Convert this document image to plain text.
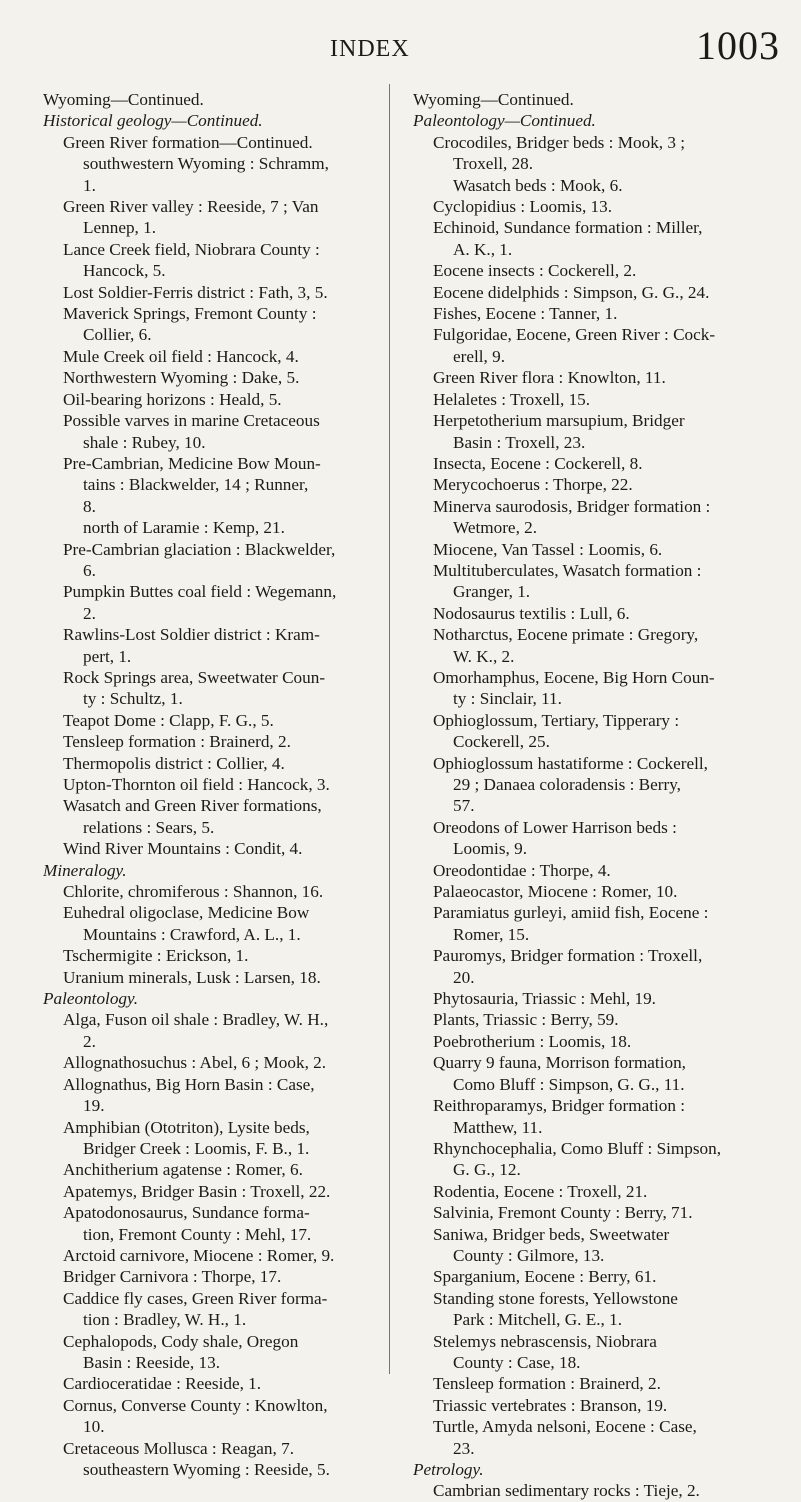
INDEX	1003
Wyoming—Continued.
Historical geology—Continued.
Green River formation—Continued.
southwestern Wyoming : Schramm,
1.
Green River valley : Reeside, 7 ; Van
Lennep, 1.
Lance Creek field, Niobrara County :
Hancock, 5.
Lost Soldier-Ferris district : Fath, 3, 5.
Maverick Springs, Fremont County :
Collier, 6.
Mule Creek oil field : Hancock, 4.
Northwestern Wyoming : Dake, 5.
Oil-bearing horizons : Heald, 5.
Possible varves in marine Cretaceous
shale : Rubey, 10.
Pre-Cambrian, Medicine Bow Moun-
tains : Blackwelder, 14 ; Runner,
8.
north of Laramie : Kemp, 21.
Pre-Cambrian glaciation : Blackwelder,
6.
Pumpkin Buttes coal field : Wegemann,
2.
Rawlins-Lost Soldier district : Kram-
pert, 1.
Rock Springs area, Sweetwater Coun-
ty : Schultz, 1.
Teapot Dome : Clapp, F. G., 5.
Tensleep formation : Brainerd, 2.
Thermopolis district : Collier, 4.
Upton-Thornton oil field : Hancock, 3.
Wasatch and Green River formations,
relations : Sears, 5.
Wind River Mountains : Condit, 4.
Mineralogy.
Chlorite, chromiferous : Shannon, 16.
Euhedral oligoclase, Medicine Bow
Mountains : Crawford, A. L., 1.
Tschermigite : Erickson, 1.
Uranium minerals, Lusk : Larsen, 18.
Paleontology.
Alga, Fuson oil shale : Bradley, W. H.,
2.
Allognathosuchus : Abel, 6 ; Mook, 2.
Allognathus, Big Horn Basin : Case,
19.
Amphibian (Ototriton), Lysite beds,
Bridger Creek : Loomis, F. B., 1.
Anchitherium agatense : Romer, 6.
Apatemys, Bridger Basin : Troxell, 22.
Apatodonosaurus, Sundance forma-
tion, Fremont County : Mehl, 17.
Arctoid carnivore, Miocene : Romer, 9.
Bridger Carnivora : Thorpe, 17.
Caddice fly cases, Green River forma-
tion : Bradley, W. H., 1.
Cephalopods, Cody shale, Oregon
Basin : Reeside, 13.
Cardioceratidae : Reeside, 1.
Cornus, Converse County : Knowlton,
10.
Cretaceous Mollusca : Reagan, 7.
southeastern Wyoming : Reeside, 5.
Wyoming—Continued.
Paleontology—Continued.
Crocodiles, Bridger beds : Mook, 3 ;
Troxell, 28.
Wasatch beds : Mook, 6.
Cyclopidius : Loomis, 13.
Echinoid, Sundance formation : Miller,
A. K., 1.
Eocene insects : Cockerell, 2.
Eocene didelphids : Simpson, G. G., 24.
Fishes, Eocene : Tanner, 1.
Fulgoridae, Eocene, Green River : Cock-
erell, 9.
Green River flora : Knowlton, 11.
Helaletes : Troxell, 15.
Herpetotherium marsupium, Bridger
Basin : Troxell, 23.
Insecta, Eocene : Cockerell, 8.
Merycochoerus : Thorpe, 22.
Minerva saurodosis, Bridger formation :
Wetmore, 2.
Miocene, Van Tassel : Loomis, 6.
Multituberculates, Wasatch formation :
Granger, 1.
Nodosaurus textilis : Lull, 6.
Notharctus, Eocene primate : Gregory,
W. K., 2.
Omorhamphus, Eocene, Big Horn Coun-
ty : Sinclair, 11.
Ophioglossum, Tertiary, Tipperary :
Cockerell, 25.
Ophioglossum hastatiforme : Cockerell,
29 ; Danaea coloradensis : Berry,
57.
Oreodons of Lower Harrison beds :
Loomis, 9.
Oreodontidae : Thorpe, 4.
Palaeocastor, Miocene : Romer, 10.
Paramiatus gurleyi, amiid fish, Eocene :
Romer, 15.
Pauromys, Bridger formation : Troxell,
20.
Phytosauria, Triassic : Mehl, 19.
Plants, Triassic : Berry, 59.
Poebrotherium : Loomis, 18.
Quarry 9 fauna, Morrison formation,
Como Bluff : Simpson, G. G., 11.
Reithroparamys, Bridger formation :
Matthew, 11.
Rhynchocephalia, Como Bluff : Simpson,
G. G., 12.
Rodentia, Eocene : Troxell, 21.
Salvinia, Fremont County : Berry, 71.
Saniwa, Bridger beds, Sweetwater
County : Gilmore, 13.
Sparganium, Eocene : Berry, 61.
Standing stone forests, Yellowstone
Park : Mitchell, G. E., 1.
Stelemys nebrascensis, Niobrara
County : Case, 18.
Tensleep formation : Brainerd, 2.
Triassic vertebrates : Branson, 19.
Turtle, Amyda nelsoni, Eocene : Case,
23.
Petrology.
Cambrian sedimentary rocks : Tieje, 2.
